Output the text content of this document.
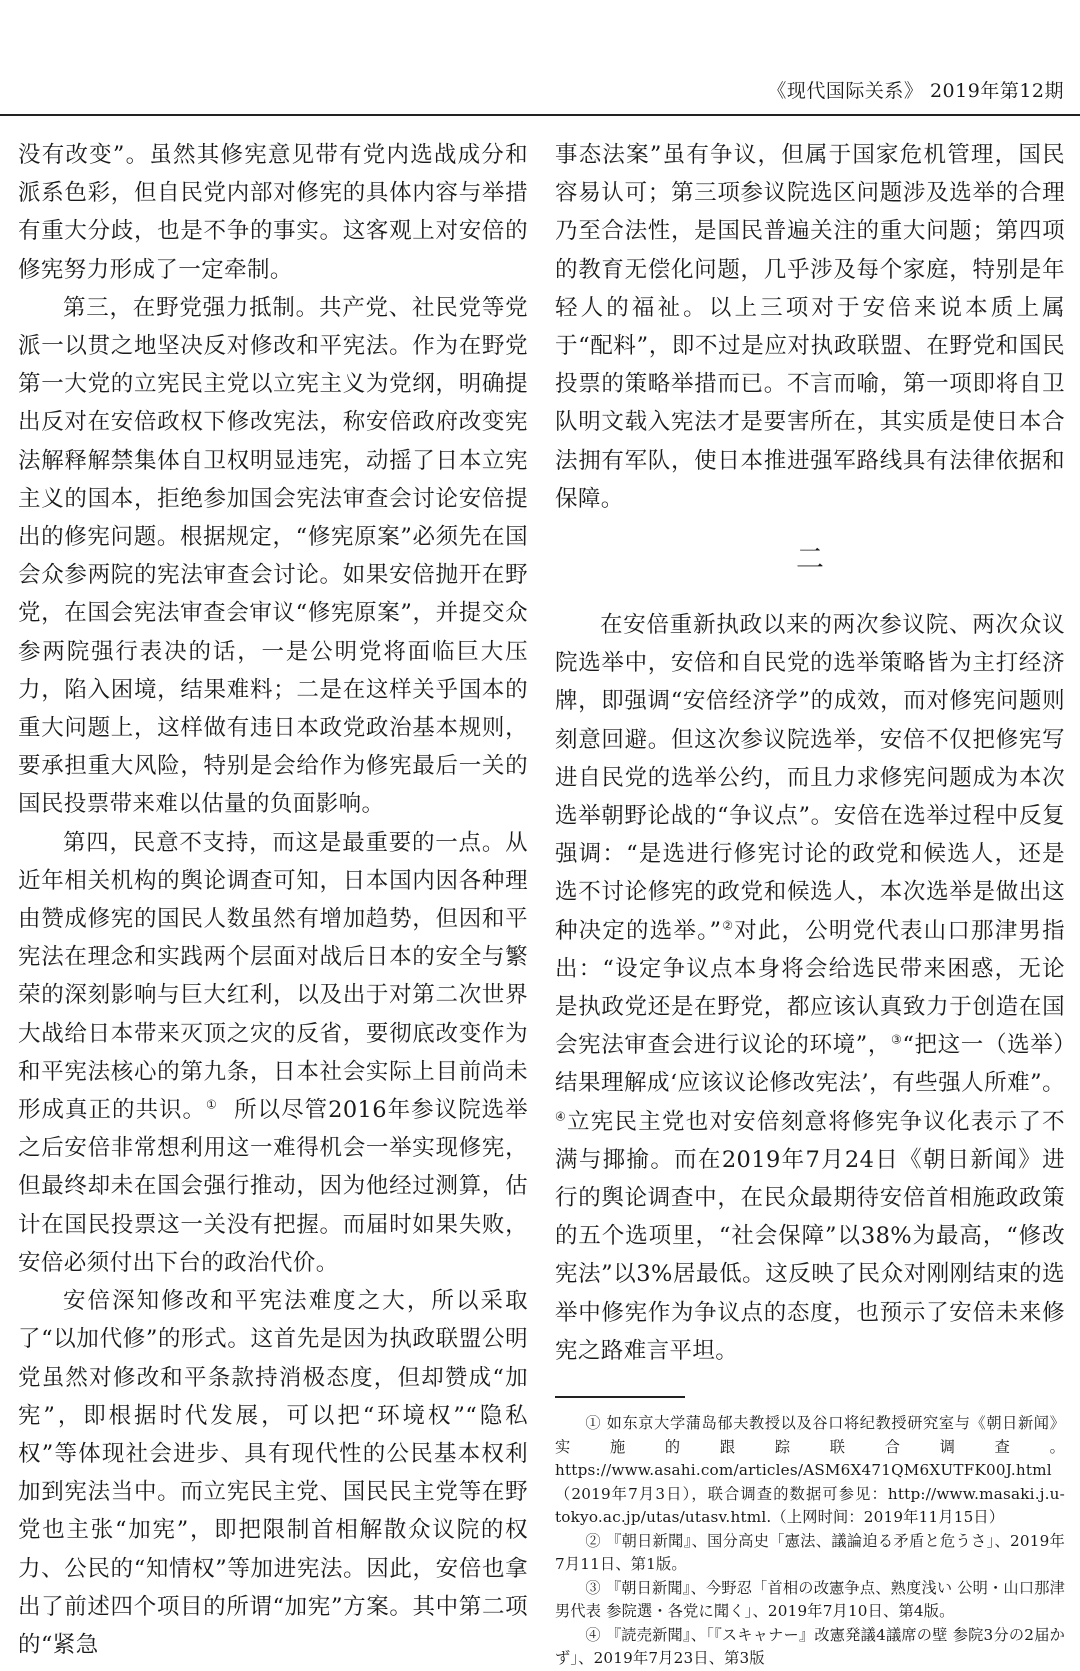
《现代国际关系》 2019年第12期

没有改变”。虽然其修宪意见带有党内选战成分和派系色彩，但自民党内部对修宪的具体内容与举措有重大分歧，也是不争的事实。这客观上对安倍的修宪努力形成了一定牵制。

第三，在野党强力抵制。共产党、社民党等党派一以贯之地坚决反对修改和平宪法。作为在野党第一大党的立宪民主党以立宪主义为党纲，明确提出反对在安倍政权下修改宪法，称安倍政府改变宪法解释解禁集体自卫权明显违宪，动摇了日本立宪主义的国本，拒绝参加国会宪法审查会讨论安倍提出的修宪问题。根据规定，“修宪原案”必须先在国会众参两院的宪法审查会讨论。如果安倍抛开在野党，在国会宪法审查会审议“修宪原案”，并提交众参两院强行表决的话，一是公明党将面临巨大压力，陷入困境，结果难料；二是在这样关乎国本的重大问题上，这样做有违日本政党政治基本规则，要承担重大风险，特别是会给作为修宪最后一关的国民投票带来难以估量的负面影响。

第四，民意不支持，而这是最重要的一点。从近年相关机构的舆论调查可知，日本国内因各种理由赞成修宪的国民人数虽然有增加趋势，但因和平宪法在理念和实践两个层面对战后日本的安全与繁荣的深刻影响与巨大红利，以及出于对第二次世界大战给日本带来灭顶之灾的反省，要彻底改变作为和平宪法核心的第九条，日本社会实际上目前尚未形成真正的共识。① 所以尽管2016年参议院选举之后安倍非常想利用这一难得机会一举实现修宪，但最终却未在国会强行推动，因为他经过测算，估计在国民投票这一关没有把握。而届时如果失败，安倍必须付出下台的政治代价。

安倍深知修改和平宪法难度之大，所以采取了“以加代修”的形式。这首先是因为执政联盟公明党虽然对修改和平条款持消极态度，但却赞成“加宪”，即根据时代发展，可以把“环境权”“隐私权”等体现社会进步、具有现代性的公民基本权利加到宪法当中。而立宪民主党、国民民主党等在野党也主张“加宪”，即把限制首相解散众议院的权力、公民的“知情权”等加进宪法。因此，安倍也拿出了前述四个项目的所谓“加宪”方案。其中第二项的“紧急

事态法案”虽有争议，但属于国家危机管理，国民容易认可；第三项参议院选区问题涉及选举的合理乃至合法性，是国民普遍关注的重大问题；第四项的教育无偿化问题，几乎涉及每个家庭，特别是年轻人的福祉。以上三项对于安倍来说本质上属于“配料”，即不过是应对执政联盟、在野党和国民投票的策略举措而已。不言而喻，第一项即将自卫队明文载入宪法才是要害所在，其实质是使日本合法拥有军队，使日本推进强军路线具有法律依据和保障。

二

在安倍重新执政以来的两次参议院、两次众议院选举中，安倍和自民党的选举策略皆为主打经济牌，即强调“安倍经济学”的成效，而对修宪问题则刻意回避。但这次参议院选举，安倍不仅把修宪写进自民党的选举公约，而且力求修宪问题成为本次选举朝野论战的“争议点”。安倍在选举过程中反复强调：“是选进行修宪讨论的政党和候选人，还是选不讨论修宪的政党和候选人，本次选举是做出这种决定的选举。”②对此，公明党代表山口那津男指出：“设定争议点本身将会给选民带来困惑，无论是执政党还是在野党，都应该认真致力于创造在国会宪法审查会进行议论的环境”，③“把这一（选举）结果理解成‘应该议论修改宪法’，有些强人所难”。④立宪民主党也对安倍刻意将修宪争议化表示了不满与揶揄。而在2019年7月24日《朝日新闻》进行的舆论调查中，在民众最期待安倍首相施政政策的五个选项里，“社会保障”以38%为最高，“修改宪法”以3%居最低。这反映了民众对刚刚结束的选举中修宪作为争议点的态度，也预示了安倍未来修宪之路难言平坦。

① 如东京大学蒲岛郁夫教授以及谷口将纪教授研究室与《朝日新闻》实施的跟踪联合调查。https://www.asahi.com/articles/ASM6X471QM6XUTFK00J.html（2019年7月3日），联合调查的数据可参见：http://www.masaki.j.u-tokyo.ac.jp/utas/utasv.html.（上网时间：2019年11月15日）

② 『朝日新聞』、国分高史「憲法、議論迫る矛盾と危うさ」、2019年7月11日、第1版。

③ 『朝日新聞』、今野忍「首相の改憲争点、熟度浅い 公明・山口那津男代表 参院選・各党に聞く」、2019年7月10日、第4版。

④ 『読売新聞』、「『スキャナー』改憲発議4議席の壁 参院3分の2届かず」、2019年7月23日、第3版
